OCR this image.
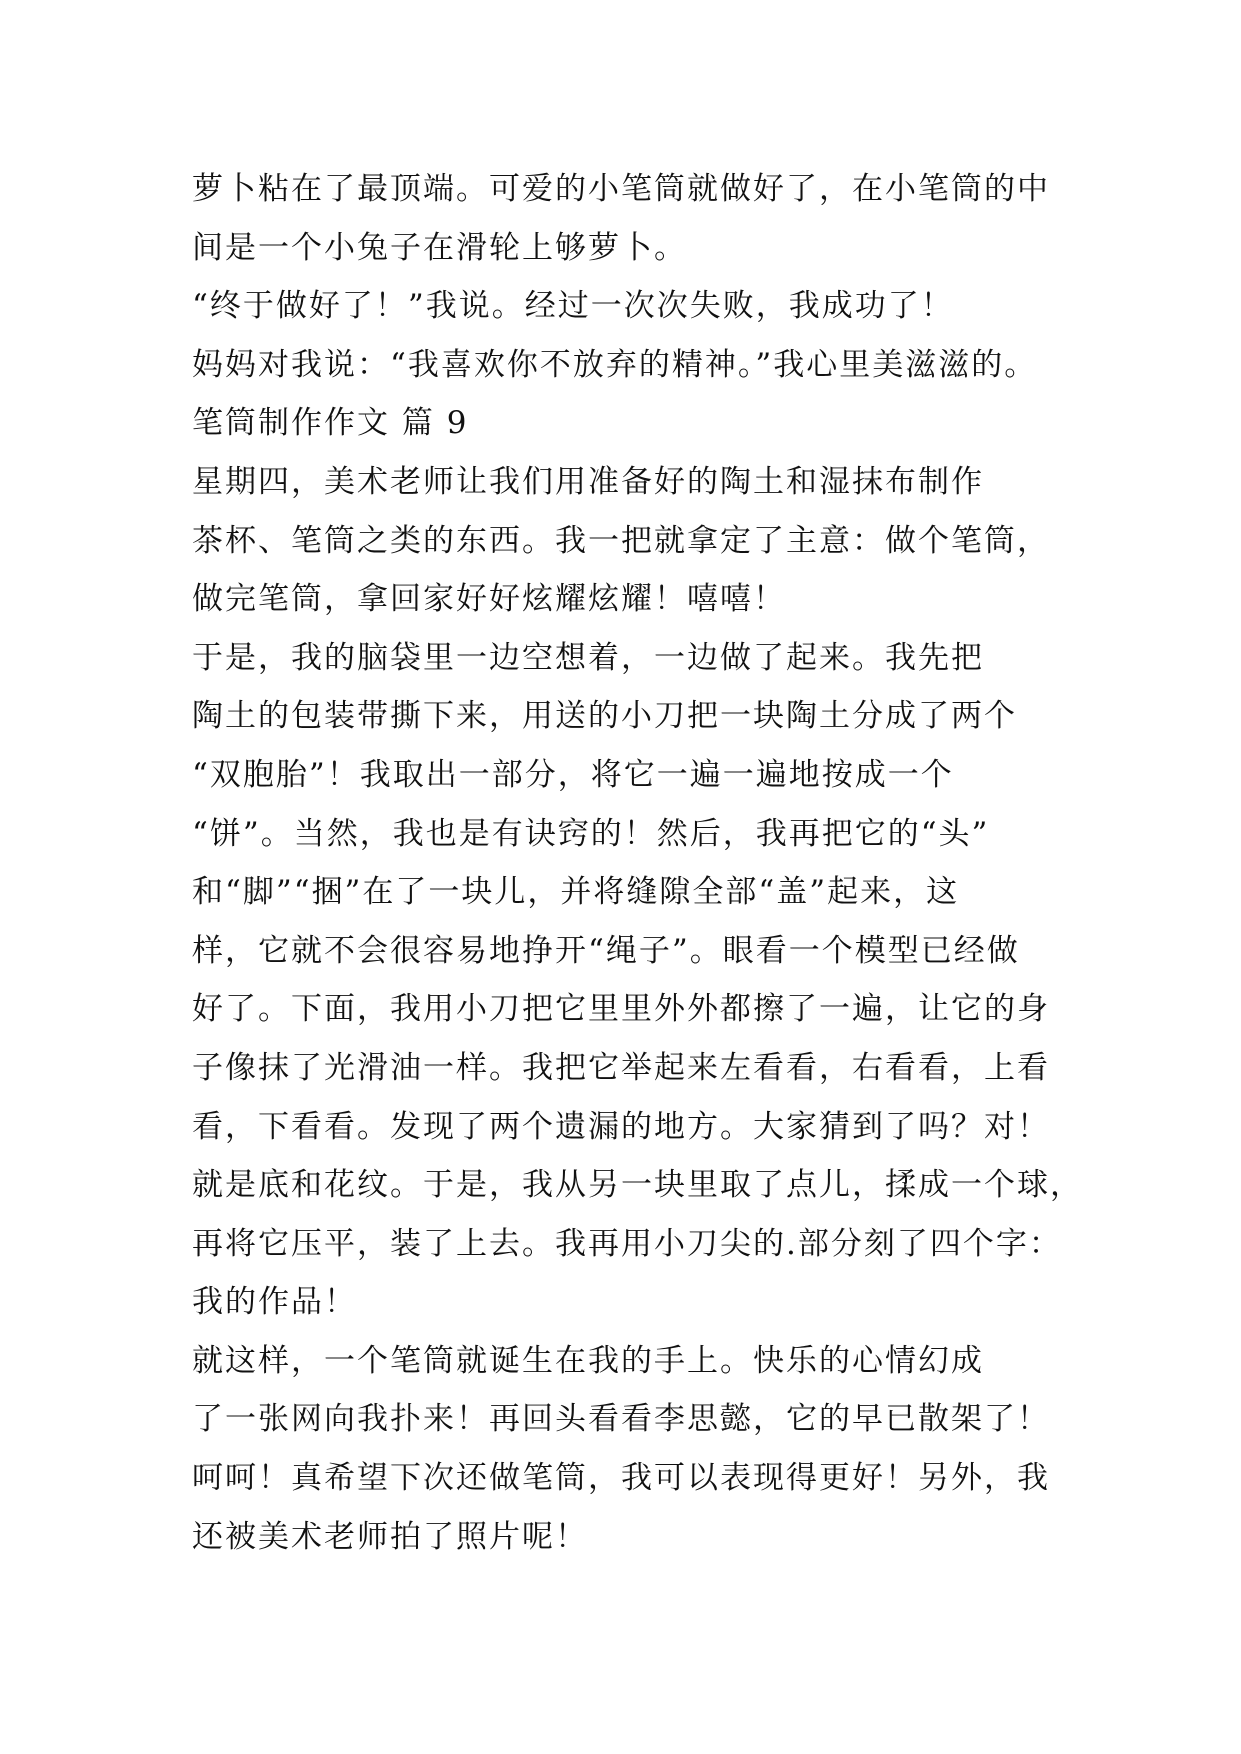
萝卜粘在了最顶端。可爱的小笔筒就做好了，在小笔筒的中
间是一个小兔子在滑轮上够萝卜。
“终于做好了！”我说。经过一次次失败，我成功了！
妈妈对我说：“我喜欢你不放弃的精神。”我心里美滋滋的。
笔筒制作作文 篇 9
星期四，美术老师让我们用准备好的陶土和湿抹布制作
茶杯、笔筒之类的东西。我一把就拿定了主意：做个笔筒，
做完笔筒，拿回家好好炫耀炫耀！嘻嘻！
于是，我的脑袋里一边空想着，一边做了起来。我先把
陶土的包装带撕下来，用送的小刀把一块陶土分成了两个
“双胞胎”！我取出一部分，将它一遍一遍地按成一个
“饼”。当然，我也是有诀窍的！然后，我再把它的“头”
和“脚”“捆”在了一块儿，并将缝隙全部“盖”起来，这
样，它就不会很容易地挣开“绳子”。眼看一个模型已经做
好了。下面，我用小刀把它里里外外都擦了一遍，让它的身
子像抹了光滑油一样。我把它举起来左看看，右看看，上看
看，下看看。发现了两个遗漏的地方。大家猜到了吗？对！
就是底和花纹。于是，我从另一块里取了点儿，揉成一个球，
再将它压平，装了上去。我再用小刀尖的.部分刻了四个字：
我的作品！
就这样，一个笔筒就诞生在我的手上。快乐的心情幻成
了一张网向我扑来！再回头看看李思懿，它的早已散架了！
呵呵！真希望下次还做笔筒，我可以表现得更好！另外，我
还被美术老师拍了照片呢！
